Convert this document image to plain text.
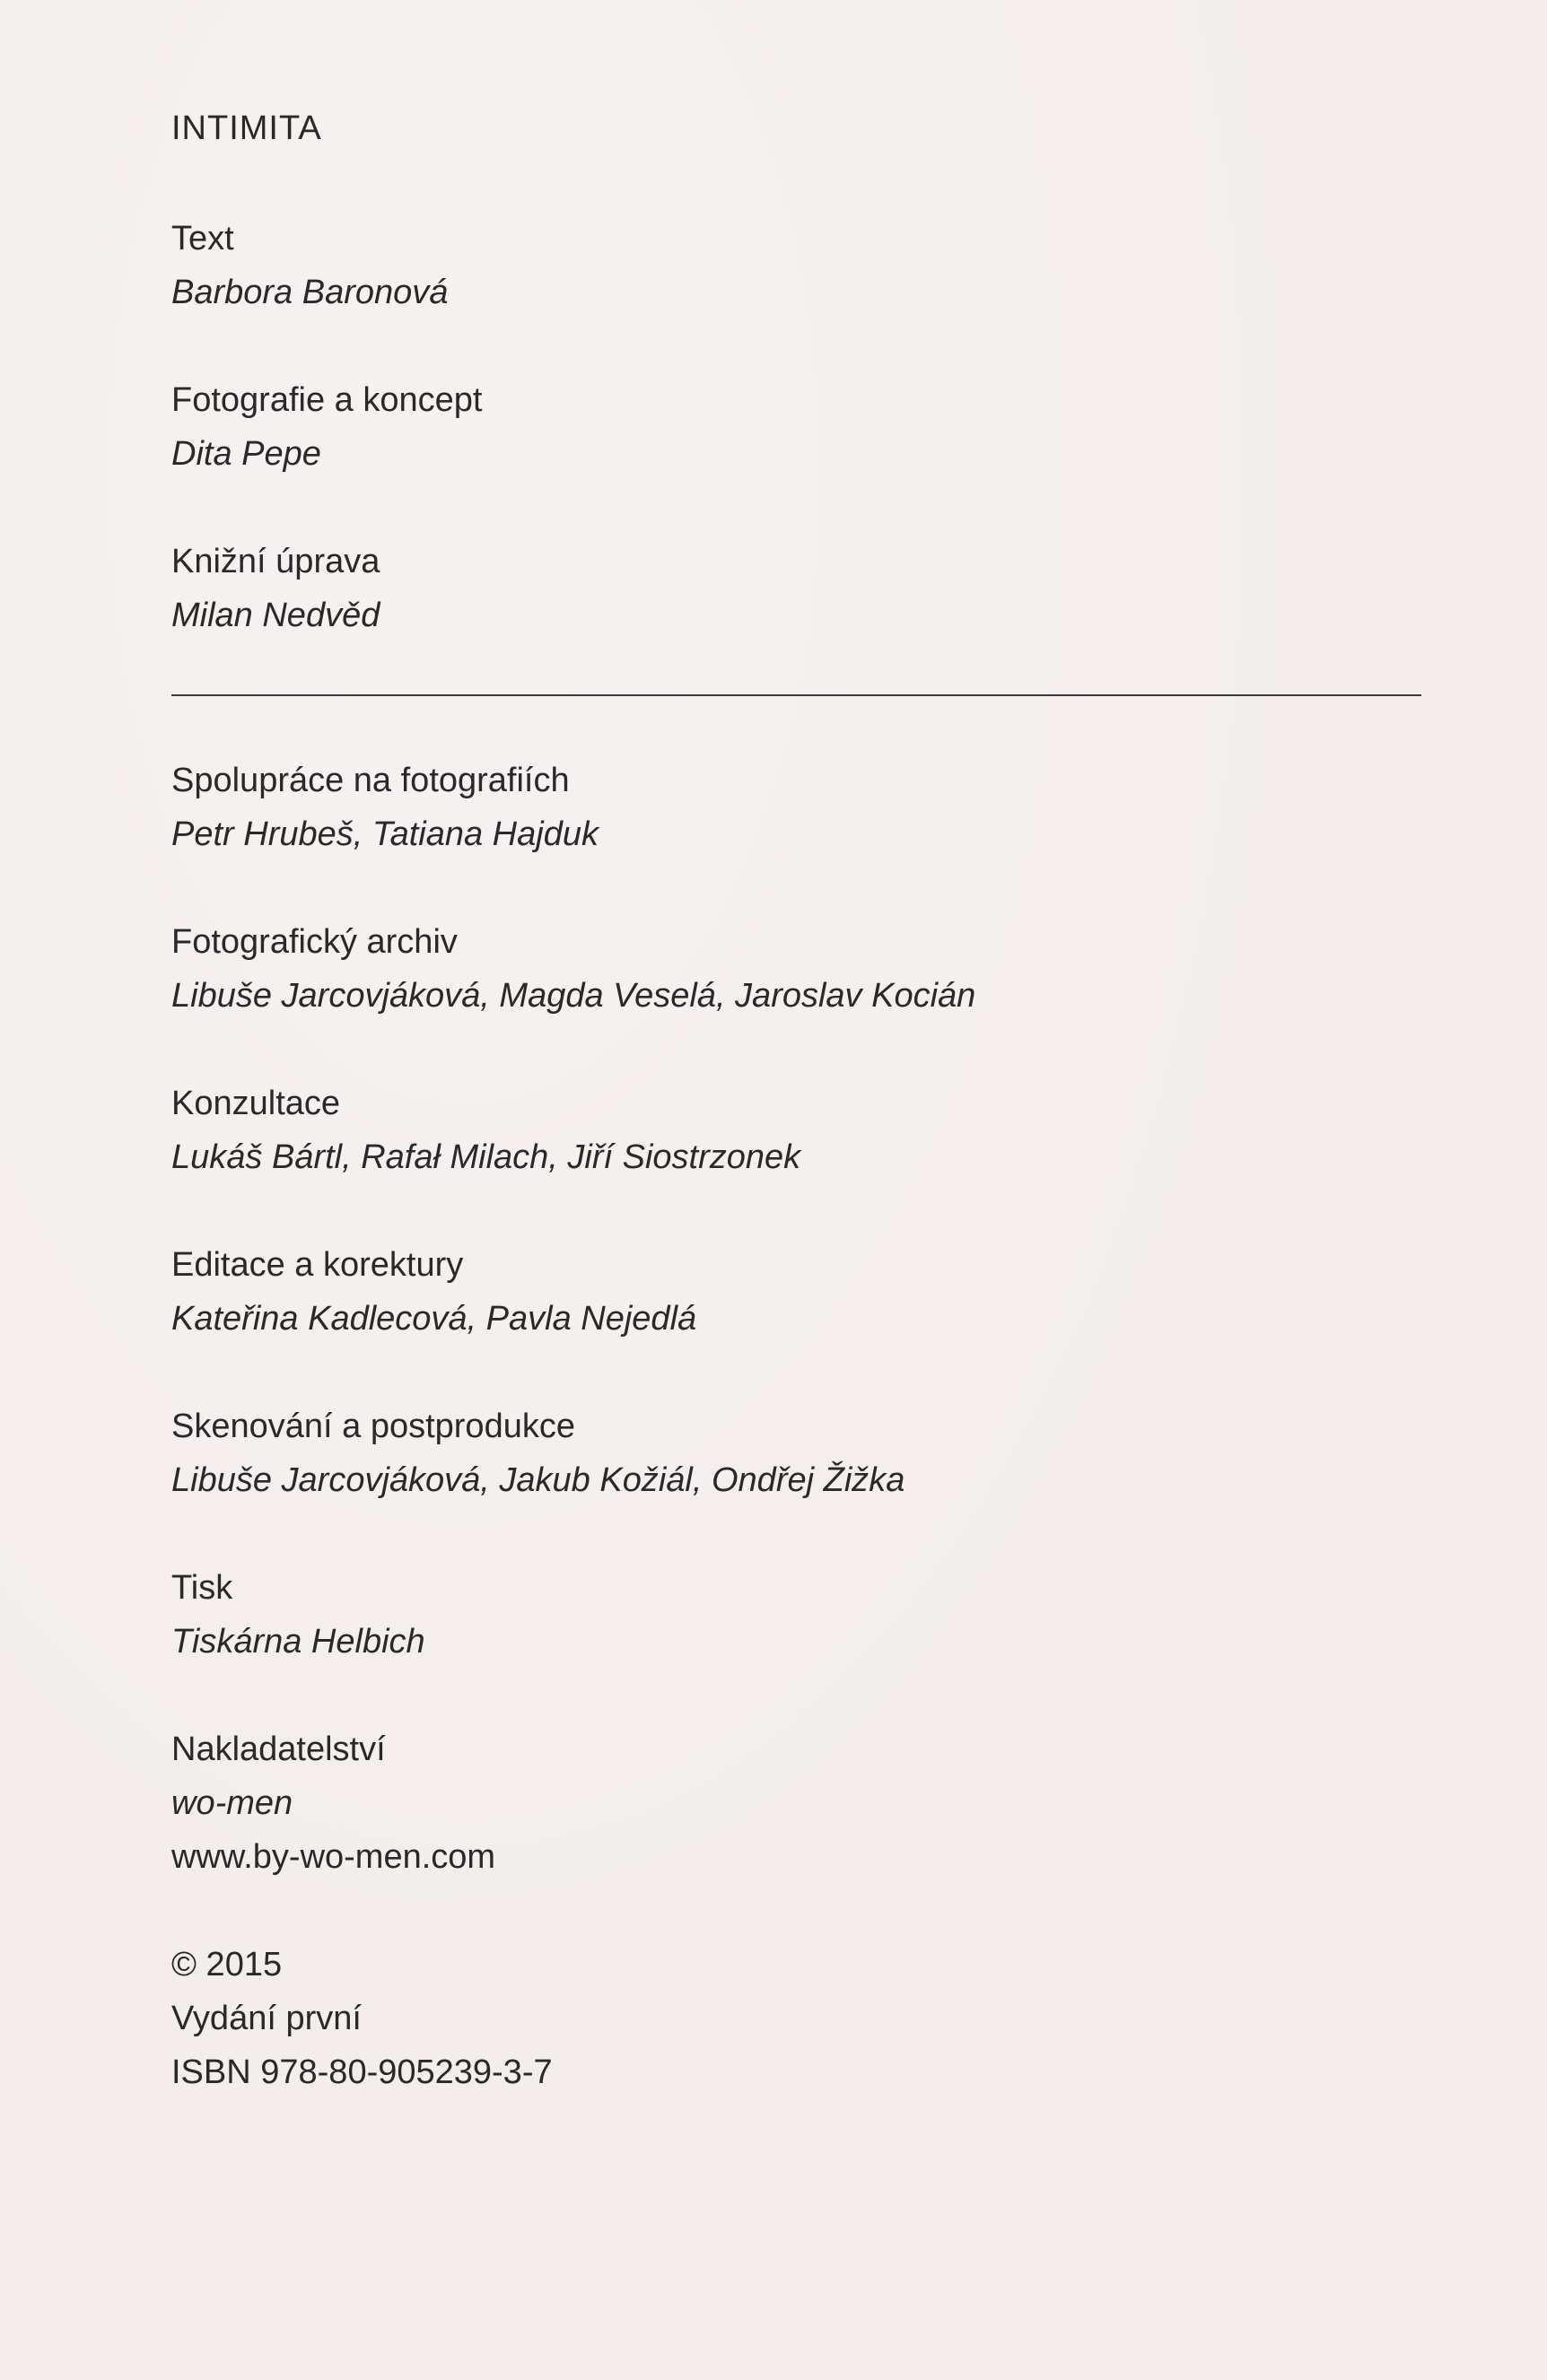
INTIMITA

Text

Barbora Baronová

Fotografie a koncept

Dita Pepe

Knižní úprava

Milan Nedvěd

Spolupráce na fotografiích

Petr Hrubeš, Tatiana Hajduk

Fotografický archiv

Libuše Jarcovjáková, Magda Veselá, Jaroslav Kocián

Konzultace

Lukáš Bártl, Rafał Milach, Jiří Siostrzonek

Editace a korektury

Kateřina Kadlecová, Pavla Nejedlá

Skenování a postprodukce

Libuše Jarcovjáková, Jakub Kožiál, Ondřej Žižka

Tisk

Tiskárna Helbich

Nakladatelství

wo-men

www.by-wo-men.com

© 2015

Vydání první

ISBN 978-80-905239-3-7
